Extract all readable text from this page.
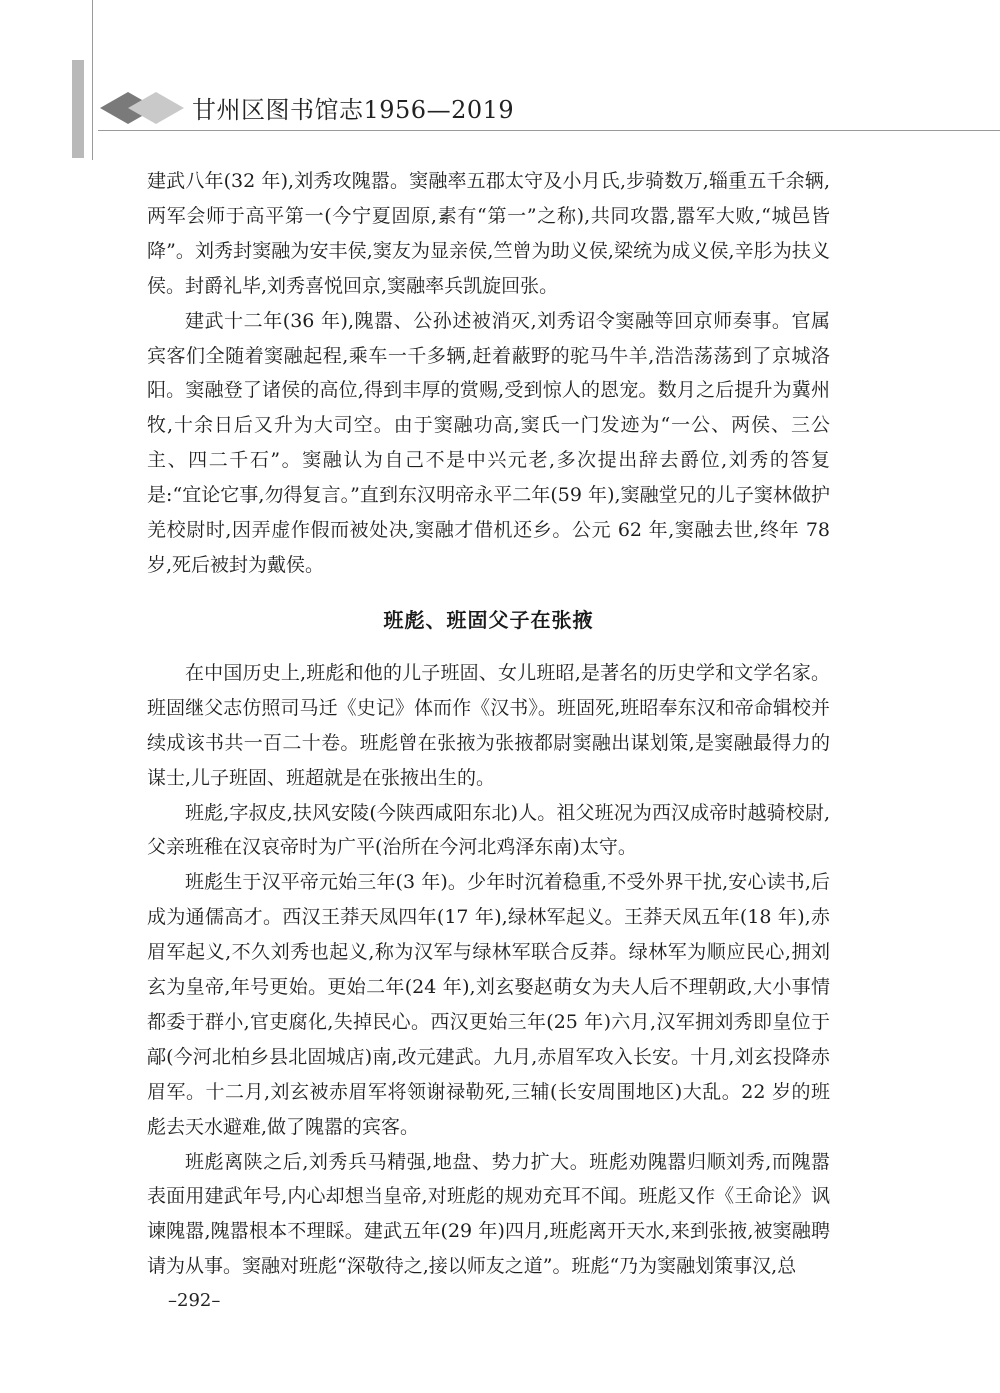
甘州区图书馆志1956—2019

建武八年(32 年),刘秀攻隗嚣。窦融率五郡太守及小月氏,步骑数万,辎重五千余辆,两军会师于高平第一(今宁夏固原,素有“第一”之称),共同攻嚣,嚣军大败,“城邑皆降”。刘秀封窦融为安丰侯,窦友为显亲侯,竺曾为助义侯,梁统为成义侯,辛肜为扶义侯。封爵礼毕,刘秀喜悦回京,窦融率兵凯旋回张。

建武十二年(36 年),隗嚣、公孙述被消灭,刘秀诏令窦融等回京师奏事。官属宾客们全随着窦融起程,乘车一千多辆,赶着蔽野的驼马牛羊,浩浩荡荡到了京城洛阳。窦融登了诸侯的高位,得到丰厚的赏赐,受到惊人的恩宠。数月之后提升为冀州牧,十余日后又升为大司空。由于窦融功高,窦氏一门发迹为“一公、两侯、三公主、四二千石”。窦融认为自己不是中兴元老,多次提出辞去爵位,刘秀的答复是:“宜论它事,勿得复言。”直到东汉明帝永平二年(59 年),窦融堂兄的儿子窦林做护羌校尉时,因弄虚作假而被处决,窦融才借机还乡。公元 62 年,窦融去世,终年 78 岁,死后被封为戴侯。

班彪、班固父子在张掖

在中国历史上,班彪和他的儿子班固、女儿班昭,是著名的历史学和文学名家。班固继父志仿照司马迁《史记》体而作《汉书》。班固死,班昭奉东汉和帝命辑校并续成该书共一百二十卷。班彪曾在张掖为张掖都尉窦融出谋划策,是窦融最得力的谋士,儿子班固、班超就是在张掖出生的。

班彪,字叔皮,扶风安陵(今陕西咸阳东北)人。祖父班况为西汉成帝时越骑校尉,父亲班稚在汉哀帝时为广平(治所在今河北鸡泽东南)太守。

班彪生于汉平帝元始三年(3 年)。少年时沉着稳重,不受外界干扰,安心读书,后成为通儒高才。西汉王莽天凤四年(17 年),绿林军起义。王莽天凤五年(18 年),赤眉军起义,不久刘秀也起义,称为汉军与绿林军联合反莽。绿林军为顺应民心,拥刘玄为皇帝,年号更始。更始二年(24 年),刘玄娶赵萌女为夫人后不理朝政,大小事情都委于群小,官吏腐化,失掉民心。西汉更始三年(25 年)六月,汉军拥刘秀即皇位于鄗(今河北柏乡县北固城店)南,改元建武。九月,赤眉军攻入长安。十月,刘玄投降赤眉军。十二月,刘玄被赤眉军将领谢禄勒死,三辅(长安周围地区)大乱。22 岁的班彪去天水避难,做了隗嚣的宾客。

班彪离陕之后,刘秀兵马精强,地盘、势力扩大。班彪劝隗嚣归顺刘秀,而隗嚣表面用建武年号,内心却想当皇帝,对班彪的规劝充耳不闻。班彪又作《王命论》讽谏隗嚣,隗嚣根本不理睬。建武五年(29 年)四月,班彪离开天水,来到张掖,被窦融聘请为从事。窦融对班彪“深敬待之,接以师友之道”。班彪“乃为窦融划策事汉,总

–292–
